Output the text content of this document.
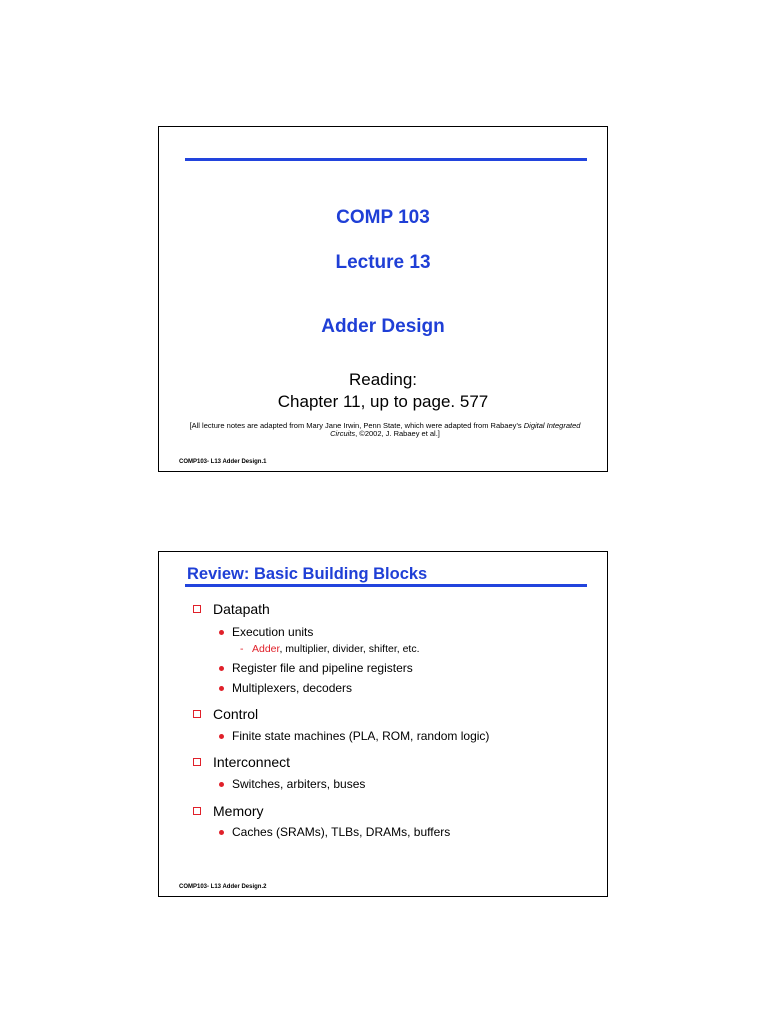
COMP 103
Lecture 13
Adder Design
Reading:
Chapter 11, up to page. 577
[All lecture notes are adapted from Mary Jane Irwin, Penn State, which were adapted from Rabaey’s Digital Integrated Circuits, ©2002, J. Rabaey et al.]
COMP103- L13 Adder Design.1
Review: Basic Building Blocks
Datapath
Execution units
- Adder, multiplier, divider, shifter, etc.
Register file and pipeline registers
Multiplexers, decoders
Control
Finite state machines (PLA, ROM, random logic)
Interconnect
Switches, arbiters, buses
Memory
Caches (SRAMs), TLBs, DRAMs, buffers
COMP103- L13 Adder Design.2
